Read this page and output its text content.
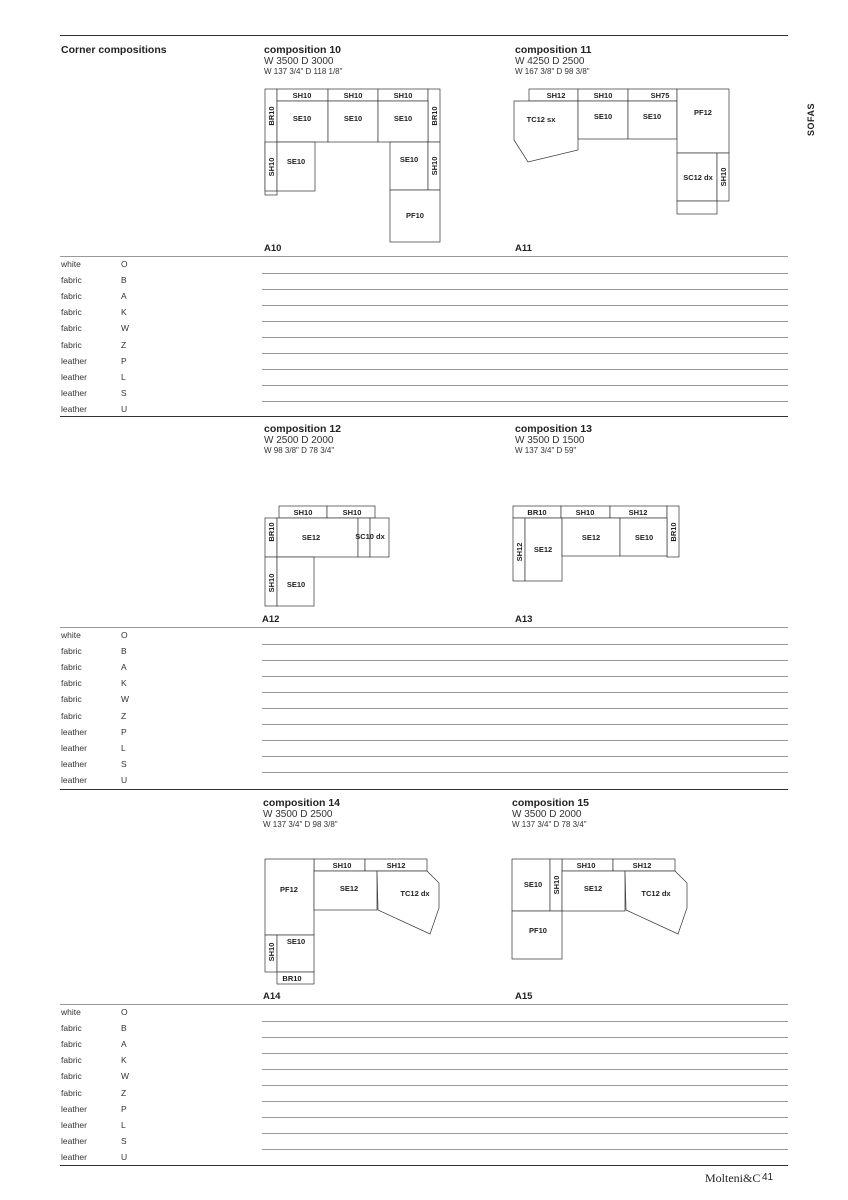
SOFAS
Molteni&C 41
Corner compositions	composition 10
W 3500 D 3000
W 137 3/4" D 118 1/8"
composition 11
W 4250 D 2500
W 167 3/8" D 98 3/8"
SH10	SH10	SH10
BR10 SE10	SE10	SE10 BR10
SH10 SE10	SE10 SH10
PF10
SH12	SH10	SH75
TC12 sx	SE10	SE10	PF12
SC12 dx SH10
A10	A11
white	O
fabric	B
fabric	A
fabric	K
fabric	W
fabric	Z
leather	P
leather	L
leather	S
leather	U
composition 12
W 2500 D 2000
W 98 3/8" D 78 3/4"
composition 13
W 3500 D 1500
W 137 3/4" D 59"
SH10	SH10
BR10	SE12	SC10 dx
SH10 SE10
BR10	SH10	SH12
SH12 SE12
SE12	SE10 BR10
A12	A13
white	O
fabric	B
fabric	A
fabric	K
fabric	W
fabric	Z
leather	P
leather	L
leather	S
leather	U
composition 14
W 3500 D 2500
W 137 3/4" D 98 3/8"
composition 15
W 3500 D 2000
W 137 3/4" D 78 3/4"
SH10	SH12
PF12	SE12
TC12 dx
SH10
SE10
BR10
SH10	SH12
SE10 SH10	SE12
TC12 dx
PF10
A14	A15
white	O
fabric	B
fabric	A
fabric	K
fabric	W
fabric	Z
leather	P
leather	L
leather	S
leather	U
